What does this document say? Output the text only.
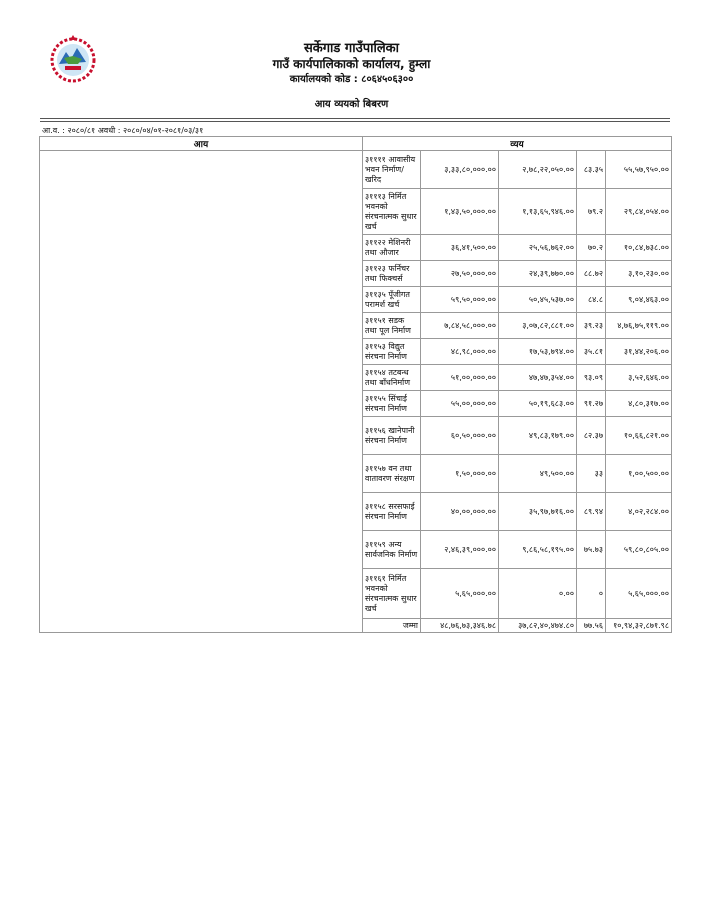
सर्केगाड गाउँपालिका
गाउँ कार्यपालिकाको कार्यालय, हुम्ला
कार्यालयको कोड : ८०६४५०६३००
आय व्ययको बिबरण
आ.व. : २०८०/८१ अवधी : २०८०/०४/०१-२०८१/०३/३१
आय	व्यय				
	३११११ आवासीय भवन निर्माण/खरिद	३,३३,८०,०००.००	२,७८,२२,०५०.००	८३.३५	५५,५७,९५०.००
	३१११३ निर्मित भवनको संरचनात्मक सुधार खर्च	१,४३,५०,०००.००	१,१३,६५,९४६.००	७९.२	२९,८४,०५४.००
	३११२२ मेशिनरी तथा औजार	३६,४१,५००.००	२५,५६,७६२.००	७०.२	१०,८४,७३८.००
	३११२३ फर्निचर तथा फिक्चर्स	२७,५०,०००.००	२४,३९,७७०.००	८८.७२	३,१०,२३०.००
	३११३५ पूँजीगत परामर्श खर्च	५९,५०,०००.००	५०,४५,५३७.००	८४.८	९,०४,४६३.००
	३११५१ सडक तथा पूल निर्माण	७,८४,५८,०००.००	३,०७,८२,८८१.००	३९.२३	४,७६,७५,११९.००
	३११५३ विद्युत संरचना निर्माण	४८,९८,०००.००	१७,५३,७९४.००	३५.८१	३१,४४,२०६.००
	३११५४ तटबन्ध तथा बाँधनिर्माण	५१,००,०००.००	४७,४७,३५४.००	९३.०९	३,५२,६४६.००
	३११५५ सिंचाई संरचना निर्माण	५५,००,०००.००	५०,१९,६८३.००	९१.२७	४,८०,३१७.००
	३११५६ खानेपानी संरचना निर्माण	६०,५०,०००.००	४९,८३,१७९.००	८२.३७	१०,६६,८२१.००
	३११५७ वन तथा वातावरण संरक्षण	१,५०,०००.००	४९,५००.००	३३	१,००,५००.००
	३११५८ सरसफाई संरचना निर्माण	४०,००,०००.००	३५,९७,७१६.००	८९.९४	४,०२,२८४.००
	३११५९ अन्य सार्वजनिक निर्माण	२,४६,३९,०००.००	९,८६,५८,१९५.००	७५.७३	५९,८०,८०५.००
	३११६१ निर्मित भवनको संरचनात्मक सुधार खर्च	५,६५,०००.००	०.००	०	५,६५,०००.००
	जम्मा	४८,७६,७३,३४६.७८	३७,८२,४०,४७४.८०	७७.५६	१०,९४,३२,८७१.९८
